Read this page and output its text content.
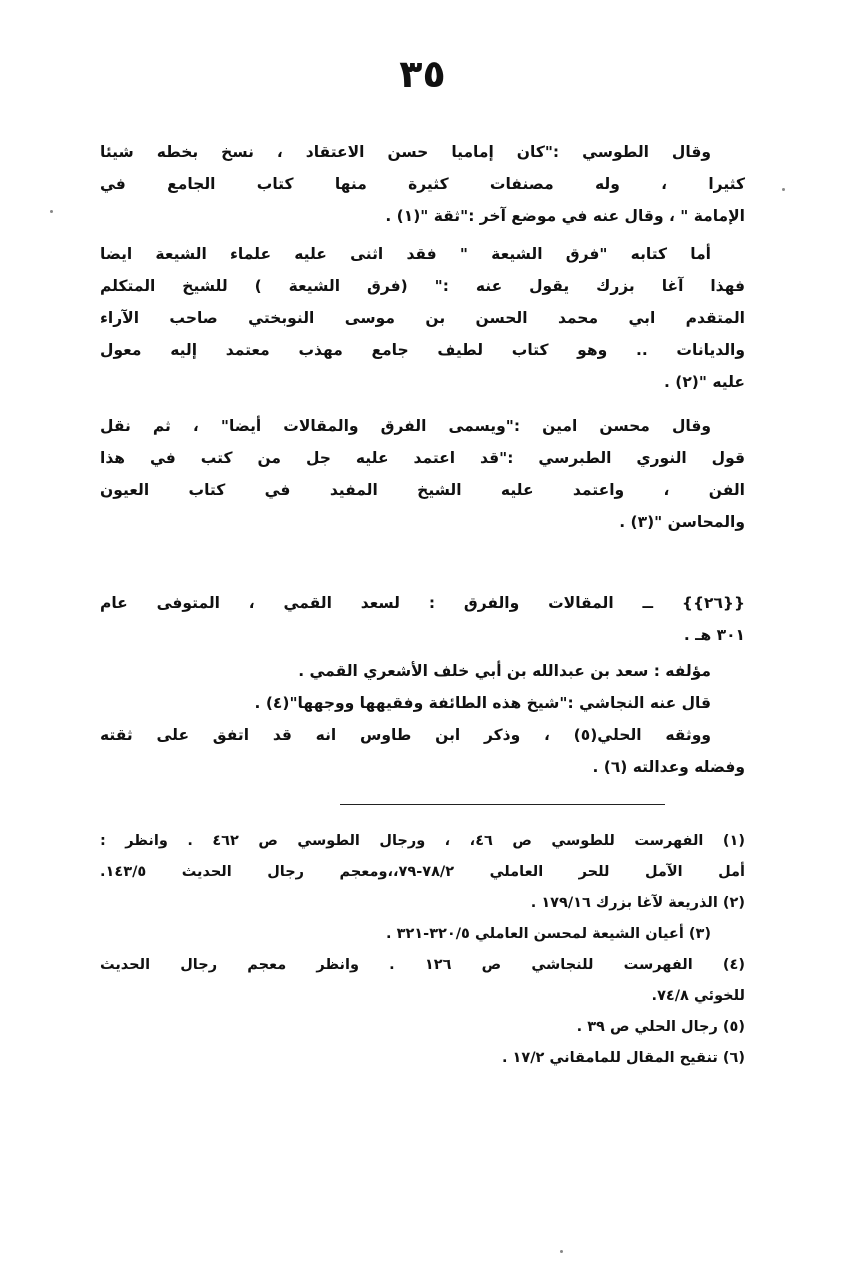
٣٥
وقال الطوسي :"كان إماميا حسن الاعتقاد ، نسخ بخطه شيئا
كثيرا ، وله مصنفات كثيرة منها كتاب الجامع في
الإمامة " ، وقال عنه في موضع آخر :"ثقة "(١) .
أما كتابه "فرق الشيعة " فقد اثنى عليه علماء الشيعة ايضا
فهذا آغا بزرك يقول عنه :" (فرق الشيعة ) للشيخ المتكلم
المتقدم ابي محمد الحسن بن موسى النوبختي صاحب الآراء
والديانات .. وهو كتاب لطيف جامع مهذب معتمد إليه معول
عليه "(٢) .
وقال محسن امين :"ويسمى الفرق والمقالات أيضا" ، ثم نقل
قول النوري الطبرسي :"قد اعتمد عليه جل من كتب في هذا
الفن ، واعتمد عليه الشيخ المفيد في كتاب العيون
والمحاسن "(٣) .
{{٢٦}} ــ المقالات والفرق : لسعد القمي ، المتوفى عام
٣٠١ هـ .
مؤلفه : سعد بن عبدالله بن أبي خلف الأشعري القمي .
قال عنه النجاشي :"شيخ هذه الطائفة وفقيهها ووجهها"(٤) .
ووثقه الحلي(٥) ، وذكر ابن طاوس انه قد اتفق على ثقته
وفضله وعدالته (٦) .
(١) الفهرست للطوسي ص ٤٦، ، ورجال الطوسي ص ٤٦٢ . وانظر :
أمل الآمل للحر العاملي ٧٨/٢-٧٩،،ومعجم رجال الحديث ١٤٣/٥.
(٢) الذريعة لآغا بزرك ١٧٩/١٦ .
(٣) أعيان الشيعة لمحسن العاملي ٣٢٠/٥-٣٢١ .
(٤) الفهرست للنجاشي ص ١٢٦ . وانظر معجم رجال الحديث
للخوئي ٧٤/٨.
(٥) رجال الحلي ص ٣٩ .
(٦) تنقيح المقال للمامقاني ١٧/٢ .
